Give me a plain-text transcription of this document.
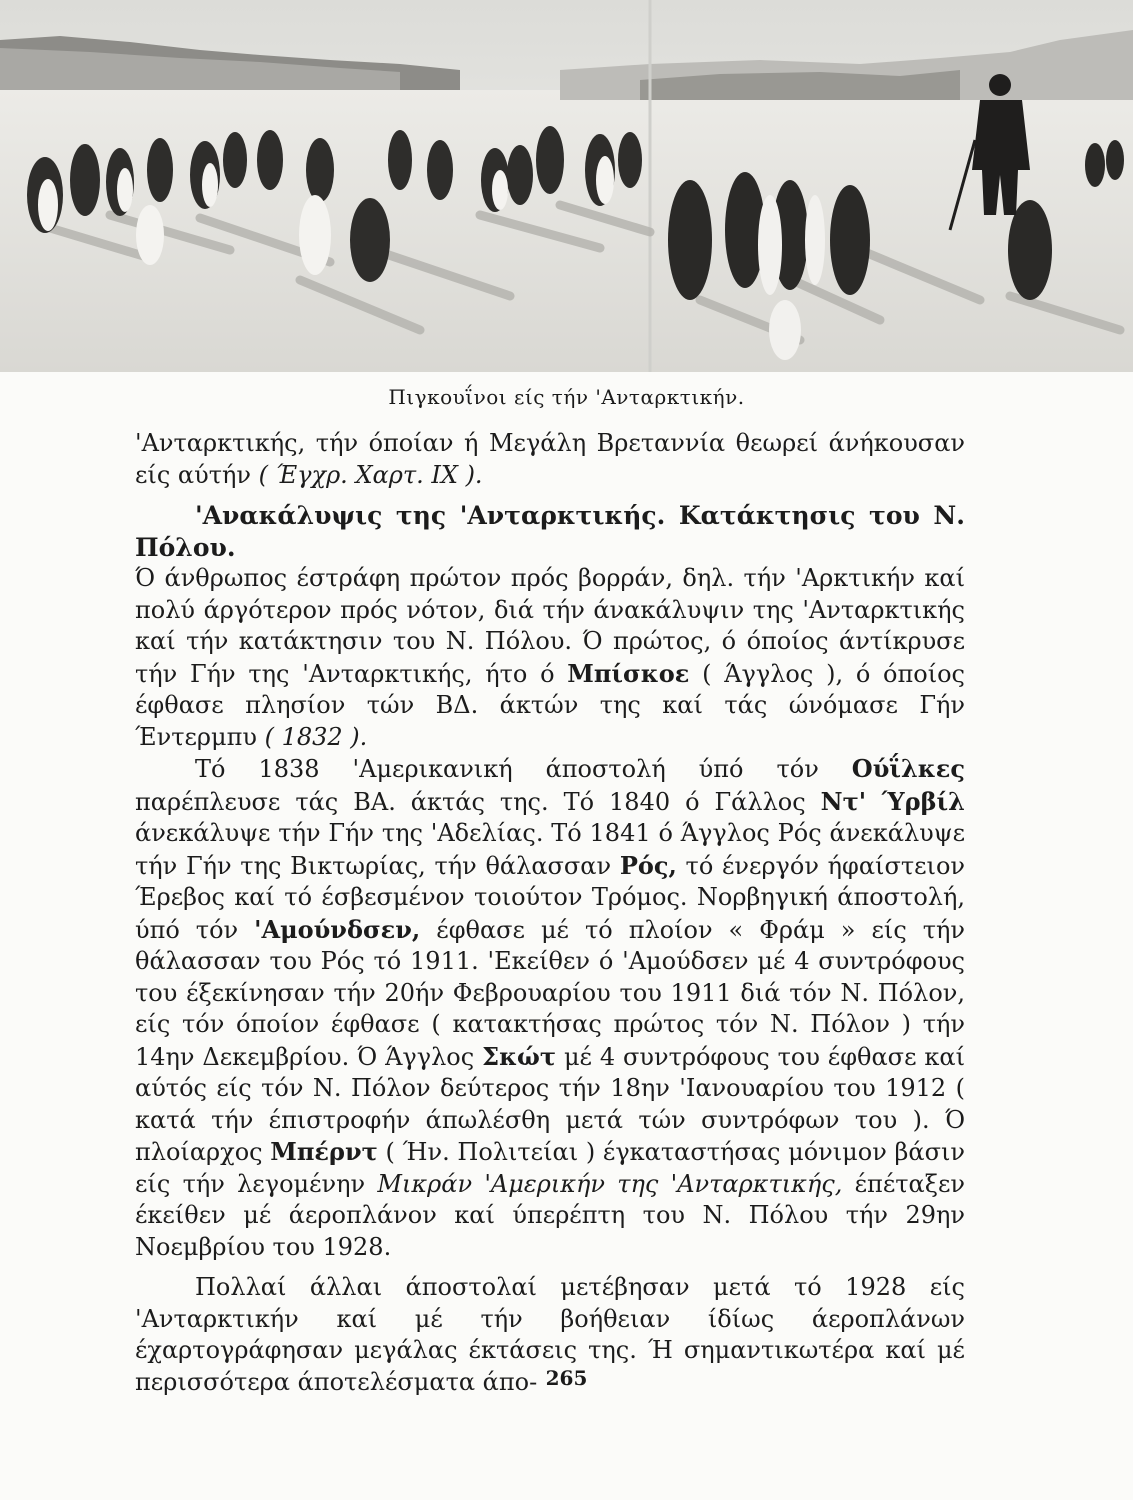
Πιγκουΐνοι είς τήν 'Ανταρκτικήν.

'Ανταρκτικής, τήν όποίαν ή Μεγάλη Βρεταννία θεωρεί άνήκουσαν είς αύτήν ( Έγχρ. Χαρτ. IX ).

'Ανακάλυψις της 'Ανταρκτικής. Κατάκτησις του Ν. Πόλου.

Ό άνθρωπος έστράφη πρώτον πρός βορράν, δηλ. τήν 'Αρκτικήν καί πολύ άργότερον πρός νότον, διά τήν άνακάλυψιν της 'Ανταρκτικής καί τήν κατάκτησιν του Ν. Πόλου. Ό πρώτος, ό όποίος άντίκρυσε τήν Γήν της 'Ανταρκτικής, ήτο ό Μπίσκοε ( Άγγλος ), ό όποίος έφθασε πλησίον τών ΒΔ. άκτών της καί τάς ώνόμασε Γήν Έντερμπυ ( 1832 ).

Τό 1838 'Αμερικανική άποστολή ύπό τόν Ούΐλκες παρέπλευσε τάς ΒΑ. άκτάς της. Τό 1840 ό Γάλλος Ντ' Ύρβίλ άνεκάλυψε τήν Γήν της 'Αδελίας. Τό 1841 ό Άγγλος Ρός άνεκάλυψε τήν Γήν της Βικτωρίας, τήν θάλασσαν Ρός, τό ένεργόν ήφαίστειον Έρεβος καί τό έσβεσμένον τοιούτον Τρόμος. Νορβηγική άποστολή, ύπό τόν 'Αμούνδσεν, έφθασε μέ τό πλοίον « Φράμ » είς τήν θάλασσαν του Ρός τό 1911. 'Εκείθεν ό 'Αμούδσεν μέ 4 συντρόφους του έξεκίνησαν τήν 20ήν Φεβρουαρίου του 1911 διά τόν Ν. Πόλον, είς τόν όποίον έφθασε ( κατακτήσας πρώτος τόν Ν. Πόλον ) τήν 14ην Δεκεμβρίου. Ό Άγγλος Σκώτ μέ 4 συντρόφους του έφθασε καί αύτός είς τόν Ν. Πόλον δεύτερος τήν 18ην 'Ιανουαρίου του 1912 ( κατά τήν έπιστροφήν άπωλέσθη μετά τών συντρόφων του ). Ό πλοίαρχος Μπέρντ ( Ήν. Πολιτείαι ) έγκαταστήσας μόνιμον βάσιν είς τήν λεγομένην Μικράν 'Αμερικήν της 'Ανταρκτικής, έπέταξεν έκείθεν μέ άεροπλάνον καί ύπερέπτη του Ν. Πόλου τήν 29ην Νοεμβρίου του 1928.

Πολλαί άλλαι άποστολαί μετέβησαν μετά τό 1928 είς 'Ανταρκτικήν καί μέ τήν βοήθειαν ίδίως άεροπλάνων έχαρτογράφησαν μεγάλας έκτάσεις της. Ή σημαντικωτέρα καί μέ περισσότερα άποτελέσματα άπο- 265
